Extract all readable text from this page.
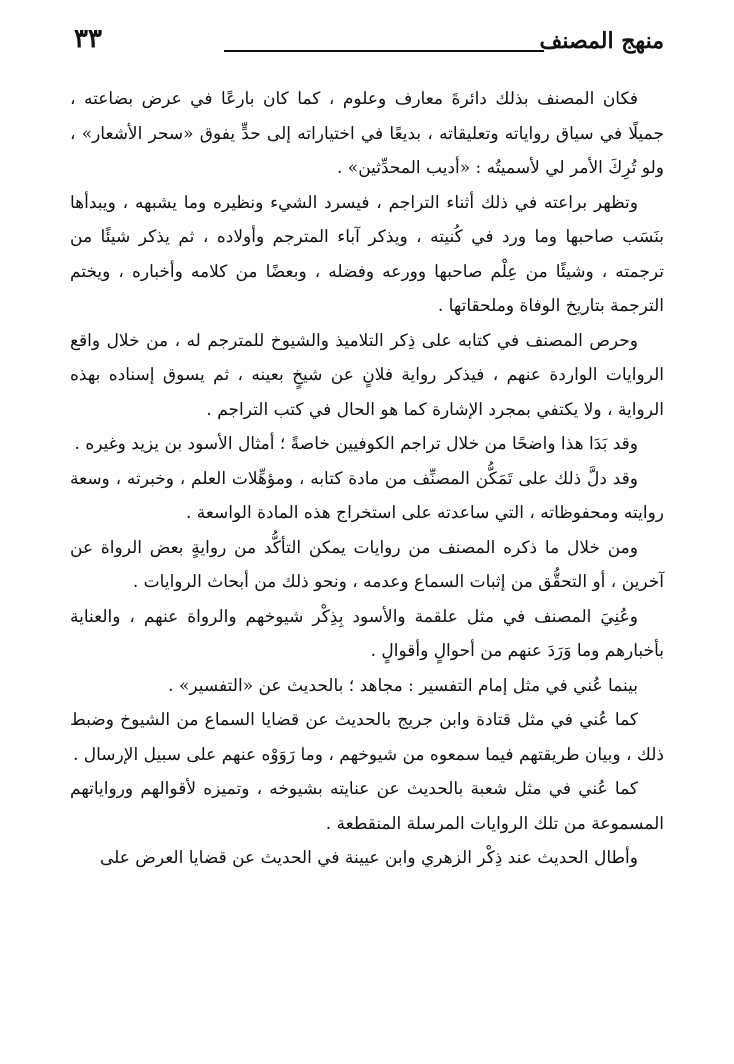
منهج المصنف
٣٣

فكان المصنف بذلك دائرةَ معارف وعلوم ، كما كان بارعًا في عرض بضاعته ، جميلًا في سياق رواياته وتعليقاته ، بديعًا في اختياراته إلى حدٍّ يفوق «سحر الأشعار» ، ولو تُرِكَ الأمر لي لأسميتُه : «أديب المحدِّثين» .

وتظهر براعته في ذلك أثناء التراجم ، فيسرد الشيء ونظيره وما يشبهه ، ويبدأها بنَسَب صاحبها وما ورد في كُنيته ، ويذكر آباء المترجم وأولاده ، ثم يذكر شيئًا من ترجمته ، وشيئًا من عِلْم صاحبها وورعه وفضله ، وبعضًا من كلامه وأخباره ، ويختم الترجمة بتاريخ الوفاة وملحقاتها .

وحرص المصنف في كتابه على ذِكر التلاميذ والشيوخ للمترجم له ، من خلال واقع الروايات الواردة عنهم ، فيذكر رواية فلانٍ عن شيخٍ بعينه ، ثم يسوق إسناده بهذه الرواية ، ولا يكتفي بمجرد الإشارة كما هو الحال في كتب التراجم .

وقد بَدَا هذا واضحًا من خلال تراجم الكوفيين خاصةً ؛ أمثال الأسود بن يزيد وغيره .

وقد دلَّ ذلك على تَمَكُّن المصنِّف من مادة كتابه ، ومؤهِّلات العلم ، وخبرته ، وسعة روايته ومحفوظاته ، التي ساعدته على استخراج هذه المادة الواسعة .

ومن خلال ما ذكره المصنف من روايات يمكن التأكُّد من روايةٍ بعض الرواة عن آخرين ، أو التحقُّق من إثبات السماع وعدمه ، ونحو ذلك من أبحاث الروايات .

وعُنِيَ المصنف في مثل علقمة والأسود بِذِكْر شيوخهم والرواة عنهم ، والعناية بأخبارهم وما وَرَدَ عنهم من أحوالٍ وأقوالٍ .

بينما عُني في مثل إمام التفسير : مجاهد ؛ بالحديث عن «التفسير» .

كما عُني في مثل قتادة وابن جريج بالحديث عن قضايا السماع من الشيوخ وضبط ذلك ، وبيان طريقتهم فيما سمعوه من شيوخهم ، وما رَوَوْه عنهم على سبيل الإرسال .

كما عُني في مثل شعبة بالحديث عن عنايته بشيوخه ، وتميزه لأقوالهم ورواياتهم المسموعة من تلك الروايات المرسلة المنقطعة .

وأطال الحديث عند ذِكْر الزهري وابن عيينة في الحديث عن قضايا العرض على
